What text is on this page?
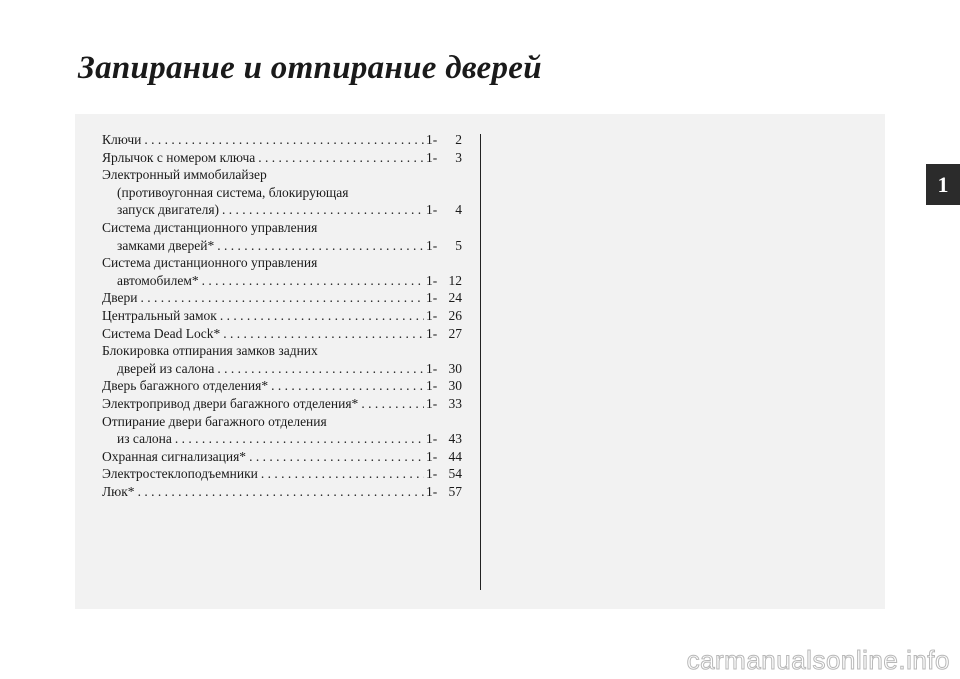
Запирание и отпирание дверей
Ключи . . .	1-	2
Ярлычок с номером ключа . . .	1-	3
Электронный иммобилайзер
(противоугонная система, блокирующая
запуск двигателя) . . .	1-	4
Система дистанционного управления
замками дверей* . . .	1-	5
Система дистанционного управления
автомобилем* . . .	1- 12
Двери . . .	1- 24
Центральный замок . . .	1- 26
Система Dead Lock* . . .	1- 27
Блокировка отпирания замков задних
дверей из салона . . .	1- 30
Дверь багажного отделения* . . .	1- 30
Электропривод двери багажного отделения* . . .	1- 33
Отпирание двери багажного отделения
из салона . . .	1- 43
Охранная сигнализация* . . .	1- 44
Электростеклоподъемники . . .	1- 54
Люк* . . .	1- 57
1
carmanualsonline.info
